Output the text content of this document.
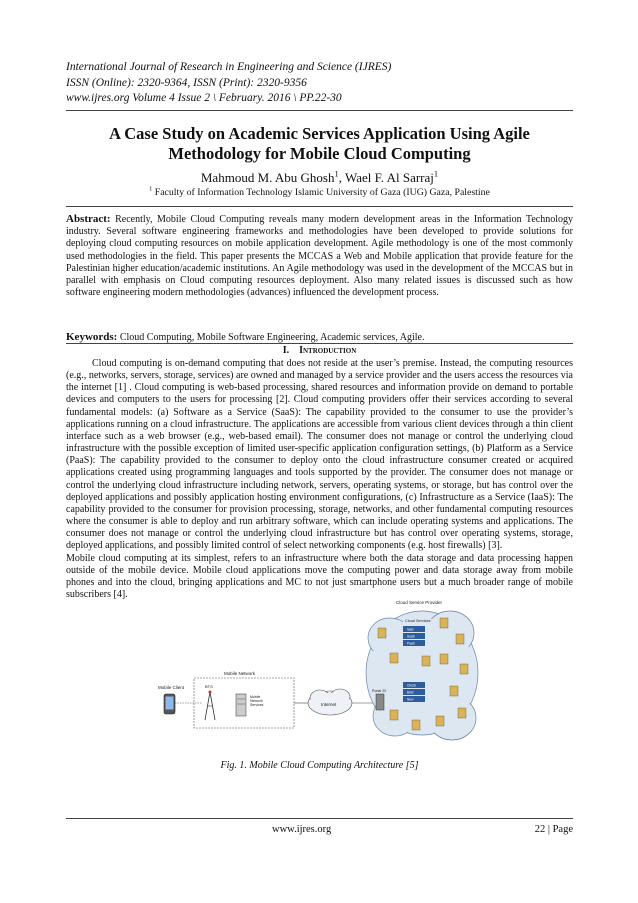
International Journal of Research in Engineering and Science (IJRES)
ISSN (Online): 2320-9364, ISSN (Print): 2320-9356
www.ijres.org Volume 4 Issue 2 \ February. 2016 \ PP.22-30
A Case Study on Academic Services Application Using Agile
Methodology for Mobile Cloud Computing
Mahmoud M. Abu Ghosh$^1$, Wael F. Al Sarraj$^1$
$^1$ Faculty of Information Technology Islamic University of Gaza (IUG) Gaza, Palestine
Abstract: Recently, Mobile Cloud Computing reveals many modern development areas in the Information Technology industry. Several software engineering frameworks and methodologies have been developed to provide solutions for deploying cloud computing resources on mobile application development. Agile methodology is one of the most commonly used methodologies in the field. This paper presents the MCCAS a Web and Mobile application that provide feature for the Palestinian higher education/academic institutions. An Agile methodology was used in the development of the MCCAS but in parallel with emphasis on Cloud computing resources deployment. Also many related issues is discussed such as how software engineering modern methodologies (advances) influenced the development process.
Keywords: Cloud Computing, Mobile Software Engineering, Academic services, Agile.
I. Introduction

Cloud computing is on-demand computing that does not reside at the user’s premise. Instead, the computing resources (e.g., networks, servers, storage, services) are owned and managed by a service provider and the users access the resources via the internet [1] . Cloud computing is web-based processing, shared resources and information provide on demand to portable devices and computers to the users for processing [2]. Cloud computing providers offer their services according to several fundamental models: (a) Software as a Service (SaaS): The capability provided to the consumer to use the provider’s applications running on a cloud infrastructure. The applications are accessible from various client devices through a thin client interface such as a web browser (e.g., web-based email). The consumer does not manage or control the underlying cloud infrastructure with the possible exception of limited user-specific application configuration settings, (b) Platform as a Service (PaaS): The capability provided to the consumer to deploy onto the cloud infrastructure consumer created or acquired applications created using programming languages and tools supported by the provider. The consumer does not manage or control the underlying cloud infrastructure including network, servers, operating systems, or storage, but has control over the deployed applications and possibly application hosting environment configurations, (c) Infrastructure as a Service (IaaS): The capability provided to the consumer for provision processing, storage, networks, and other fundamental computing resources where the consumer is able to deploy and run arbitrary software, which can include operating systems and applications. The consumer does not manage or control the underlying cloud infrastructure but has control over operating systems, storage, deployed applications, and possibly limited control of select networking components (e.g. host firewalls) [3].

Mobile cloud computing at its simplest, refers to an infrastructure where both the data storage and data processing happen outside of the mobile device. Mobile cloud applications move the computing power and data storage away from mobile phones and into the cloud, bringing applications and MC to not just smartphone users but a much broader range of mobile subscribers [4].

Mobile Client
Mobile Network
BTS
Mobile Network Services	Internet
Cloud Service Provider
Portal 2X
Cloud Services
IaaS
SaaS
PaaS
Check
Brief
New
Fig. 1. Mobile Cloud Computing Architecture [5]
www.ijres.org	22 | Page
